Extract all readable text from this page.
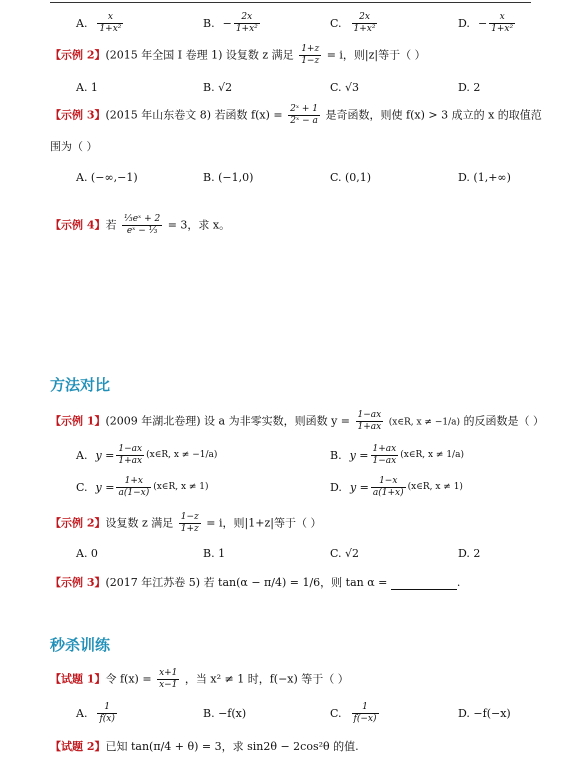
A. $\frac{x}{\text{1+x²}}$	B. − $\frac{2x}{\text{1+x²}}$	C. $\frac{2x}{\text{1+x²}}$	D. − $\frac{x}{\text{1+x²}}$
【示例 2】(2015 年全国 I 卷理 1) 设复数 z 满足 $\frac{1+z}{1-z} = i$，则|z|等于（ ）
A. 1	B. √2	C. √3	D. 2
【示例 3】(2015 年山东卷文 8) 若函数 $f(x) = \frac{\text{2ˣ + 1}}{\text{2ˣ − a}}$ 是奇函数，则使 f(x) > 3 成立的 x 的取值范
围为（ ）
A. (−∞,−1)	B. (−1,0)	C. (0,1)	D. (1,+∞)
【示例 4】若 $\frac{\text{⅓eˣ + 2}}{\text{eˣ − ⅓}} = 3$，求 x。
方法对比
【示例 1】(2009 年湖北卷理) 设 a 为非零实数，则函数 $y = \frac{1-ax}{1+ax}$ (x∈R, x ≠ −1/a) 的反函数是（ ）
A. $y = \frac{1-ax}{1+ax}$ (x∈R, x ≠ −1/a)	B. $y = \frac{1+ax}{1-ax}$ (x∈R, x ≠ 1/a)
C. $y = \frac{1+x}{a(1-x)}$ (x∈R, x ≠ 1)	D. $y = \frac{1-x}{a(1+x)}$ (x∈R, x ≠ 1)
【示例 2】设复数 z 满足 $\frac{1-z}{1+z} = i$，则|1+z|等于（ ）
A. 0	B. 1	C. √2	D. 2
【示例 3】(2017 年江苏卷 5) 若 tan(α − π/4) = 1/6，则 tan α =	.
秒杀训练
【试题 1】令 $f(x) = \frac{x+1}{x-1}$ ，当 x² ≠ 1 时，f(−x) 等于（ ）
A. $\frac{1}{f(x)}$	B. −f(x)	C. $\frac{1}{f(-x)}$	D. −f(−x)
【试题 2】已知 tan(π/4 + θ) = 3，求 sin2θ − 2cos²θ 的值.
